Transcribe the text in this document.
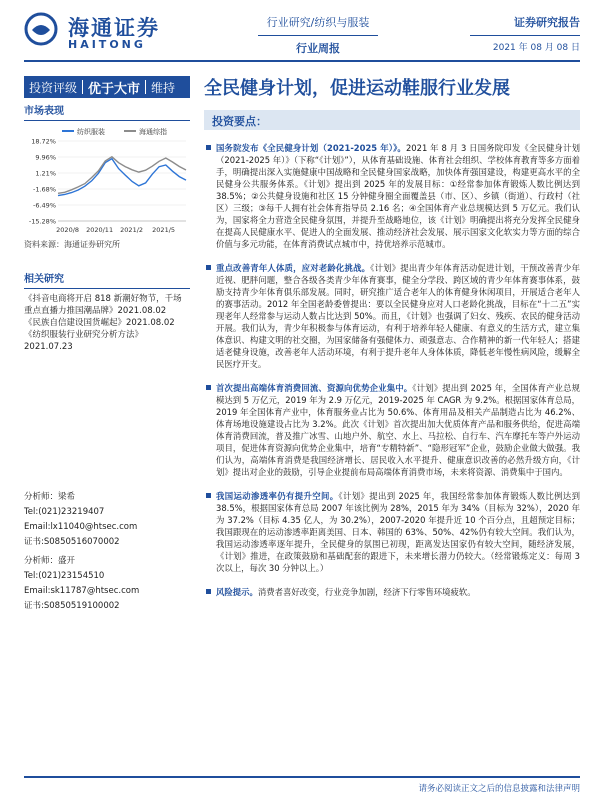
海通证券
HAITONG
行业研究/纺织与服装
行业周报
证券研究报告
2021 年 08 月 08 日
投资评级 优于大市 维持 全民健身计划，促进运动鞋服行业发展
市场表现
纺织服装	海通综指
18.72%
9.96%
1.21%
-1.68%
-6.49%
-15.28%
2020/8 2020/11 2021/2 2021/5
资料来源：海通证券研究所
相关研究
《抖音电商将开启 818 新潮好物节，千场重点直播力推国潮品牌》2021.08.02
《民族自信建设国货崛起》2021.08.02
《纺织服装行业研究分析方法》2021.07.23
分析师：梁希
Tel:(021)23219407
Email:lx11040@htsec.com
证书:S0850516070002
分析师：盛开
Tel:(021)23154510
Email:sk11787@htsec.com
证书:S0850519100002
投资要点：
国务院发布《全民健身计划（2021-2025 年）》。2021 年 8 月 3 日国务院印发《全民健身计划（2021-2025 年）》（下称“《计划》”），从体育基础设施、体育社会组织、学校体育教育等多方面着手，明确提出深入实施健康中国战略和全民健身国家战略，加快体育强国建设，构建更高水平的全民健身公共服务体系。《计划》提出到 2025 年的发展目标：①经常参加体育锻炼人数比例达到 38.5%；②公共健身设施和社区 15 分钟健身圈全面覆盖县（市、区）、乡镇（街道）、行政村（社区）三级；③每千人拥有社会体育指导员 2.16 名；④全国体育产业总规模达到 5 万亿元。我们认为，国家将全力营造全民健身氛围，并提升至战略地位，该《计划》明确提出将充分发挥全民健身在提高人民健康水平、促进人的全面发展、推动经济社会发展、展示国家文化软实力等方面的综合价值与多元功能，在体育消费试点城市中，持优培养示范城市。
重点改善青年人体质，应对老龄化挑战。《计划》提出青少年体育活动促进计划，干预改善青少年近视、肥胖问题，整合各级各类青少年体育赛事，健全分学段、跨区域的青少年体育赛事体系，鼓励支持青少年体育俱乐部发展。同时，研究推广适合老年人的体育健身休闲项目，开展适合老年人的赛事活动。2012 年全国老龄委曾提出：要以全民健身应对人口老龄化挑战，目标在“十二五”实现老年人经常参与运动人数占比达到 50%。而且，《计划》也强调了妇女、残疾、农民的健身活动开展。我们认为，青少年积极参与体育运动，有利于培养年轻人健康、有意义的生活方式，建立集体意识、构建文明的社交圈，为国家储备有强健体力、顽强意志、合作精神的新一代年轻人；搭建适老健身设施，改善老年人活动环境，有利于提升老年人身体体质，降低老年慢性病风险，缓解全民医疗开支。
首次提出高端体育消费回流、资源向优势企业集中。《计划》提出到 2025 年，全国体育产业总规模达到 5 万亿元，2019 年为 2.9 万亿元，2019-2025 年 CAGR 为 9.2%。根据国家体育总局，2019 年全国体育产业中，体育服务业占比为 50.6%、体育用品及相关产品制造占比为 46.2%、体育场地设施建设占比为 3.2%。此次《计划》首次提出加大优质体育产品和服务供给，促进高端体育消费回流，普及推广冰雪、山地户外、航空、水上、马拉松、自行车、汽车摩托车等户外运动项目，促进体育资源向优势企业集中，培育“专精特新”、“隐形冠军”企业，鼓励企业做大做强。我们认为，高端体育消费是我国经济增长、居民收入水平提升、健康意识改善的必然升级方向，《计划》提出对企业的鼓励，引导企业提前布局高端体育消费市场，未来将资源、消费集中于国内。
我国运动渗透率仍有提升空间。《计划》提出到 2025 年，我国经常参加体育锻炼人数比例达到 38.5%，根据国家体育总局 2007 年该比例为 28%，2015 年为 34%（目标为 32%），2020 年为 37.2%（目标 4.35 亿人，为 30.2%），2007-2020 年提升近 10 个百分点，且超预定目标；我国跟现在的运动渗透率距离美国、日本、韩国的 63%、50%、42%仍有较大空间。我们认为，我国运动渗透率逐年提升，全民健身的氛围已初现，距离发达国家仍有较大空间，随经济发展，《计划》推进，在政策鼓励和基础配套的跟进下，未来增长潜力仍较大。（经常锻炼定义：每周 3 次以上，每次 30 分钟以上。）
风险提示。消费者喜好改变，行业竞争加剧，经济下行零售环境疲软。
请务必阅读正文之后的信息披露和法律声明
